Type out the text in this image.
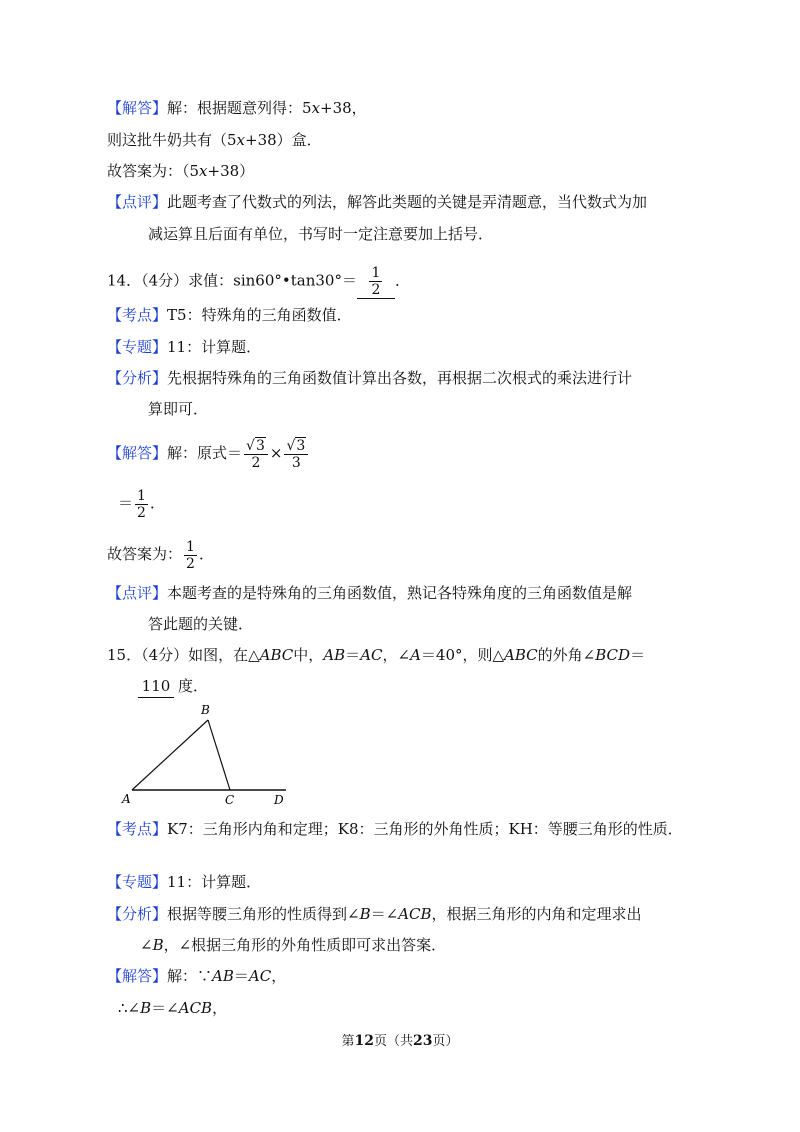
【解答】解：根据题意列得：5x+38，
则这批牛奶共有（5x+38）盒．
故答案为：（5x+38）
【点评】此题考查了代数式的列法，解答此类题的关键是弄清题意，当代数式为加
减运算且后面有单位，书写时一定注意要加上括号．
14．（4分）求值：sin60°•tan30°＝ $\frac{1}{2}$ ．
【考点】T5：特殊角的三角函数值．
【专题】11：计算题．
【分析】先根据特殊角的三角函数值计算出各数，再根据二次根式的乘法进行计
算即可．
【解答】解：原式＝ $\frac{√3}{2} \times \frac{√3}{3}$
＝ $\frac{1}{2}$ ．
故答案为： $\frac{1}{2}$ ．
【点评】本题考查的是特殊角的三角函数值，熟记各特殊角度的三角函数值是解
答此题的关键．
15．（4分）如图，在△ABC中，AB＝AC，∠A＝40°，则△ABC的外角∠BCD＝
110 度．
B
A	C	D
【考点】K7：三角形内角和定理；K8：三角形的外角性质；KH：等腰三角形的性质．
【专题】11：计算题．
【分析】根据等腰三角形的性质得到∠B＝∠ACB，根据三角形的内角和定理求出
∠B，∠根据三角形的外角性质即可求出答案．
【解答】解：∵AB＝AC，
∴∠B＝∠ACB，
第12页（共23页）
